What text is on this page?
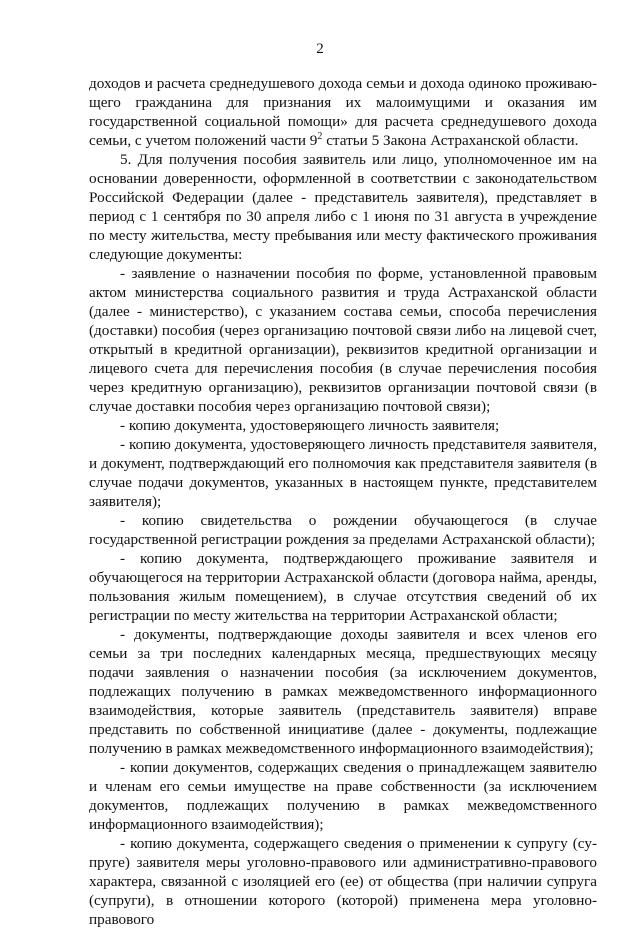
2

доходов и расчета среднедушевого дохода семьи и дохода одиноко проживающего гражданина для признания их малоимущими и оказания им государственной социальной помощи» для расчета среднедушевого дохода семьи, с учетом положений части $9^2$ статьи 5 Закона Астраханской области.

5. Для получения пособия заявитель или лицо, уполномоченное им на основании доверенности, оформленной в соответствии с законодательством Российской Федерации (далее - представитель заявителя), представляет в период с 1 сентября по 30 апреля либо с 1 июня по 31 августа в учреждение по месту жительства, месту пребывания или месту фактического проживания следующие документы:

- заявление о назначении пособия по форме, установленной правовым актом министерства социального развития и труда Астраханской области (далее - министерство), с указанием состава семьи, способа перечисления (доставки) пособия (через организацию почтовой связи либо на лицевой счет, открытый в кредитной организации), реквизитов кредитной организации и лицевого счета для перечисления пособия (в случае перечисления пособия через кредитную организацию), реквизитов организации почтовой связи (в случае доставки пособия через организацию почтовой связи);

- копию документа, удостоверяющего личность заявителя;

- копию документа, удостоверяющего личность представителя заявителя, и документ, подтверждающий его полномочия как представителя заявителя (в случае подачи документов, указанных в настоящем пункте, представителем заявителя);

- копию свидетельства о рождении обучающегося (в случае государственной регистрации рождения за пределами Астраханской области);

- копию документа, подтверждающего проживание заявителя и обучающегося на территории Астраханской области (договора найма, аренды, пользования жилым помещением), в случае отсутствия сведений об их регистрации по месту жительства на территории Астраханской области;

- документы, подтверждающие доходы заявителя и всех членов его семьи за три последних календарных месяца, предшествующих месяцу подачи заявления о назначении пособия (за исключением документов, подлежащих получению в рамках межведомственного информационного взаимодействия, которые заявитель (представитель заявителя) вправе представить по собственной инициативе (далее - документы, подлежащие получению в рамках межведомственного информационного взаимодействия);

- копии документов, содержащих сведения о принадлежащем заявителю и членам его семьи имуществе на праве собственности (за исключением документов, подлежащих получению в рамках межведомственного информационного взаимодействия);

- копию документа, содержащего сведения о применении к супругу (супруге) заявителя меры уголовно-правового или административно-правового характера, связанной с изоляцией его (ее) от общества (при наличии супруга (супруги), в отношении которого (которой) применена мера уголовно-правового
